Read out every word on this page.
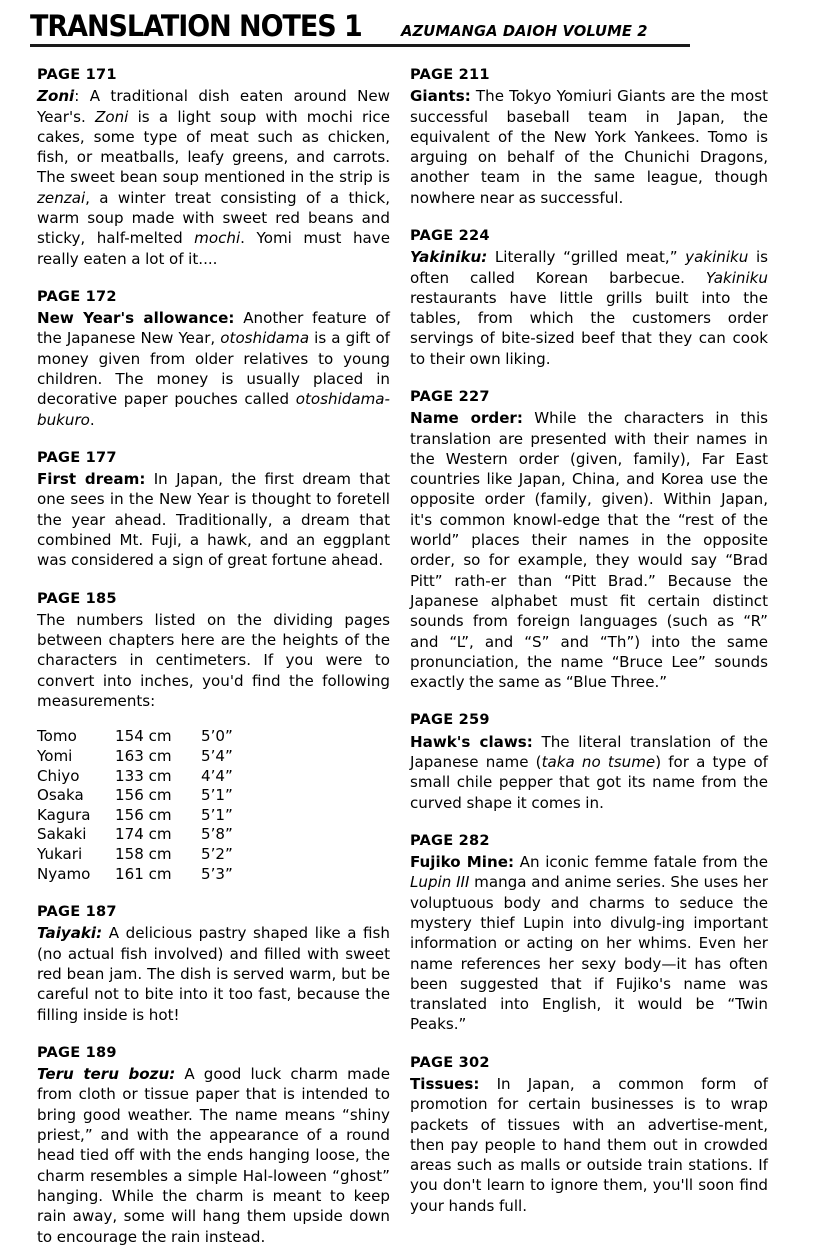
TRANSLATION NOTES 1	AZUMANGA DAIOH VOLUME 2
PAGE 171

Zoni: A traditional dish eaten around New Year's. Zoni is a light soup with mochi rice cakes, some type of meat such as chicken, fish, or meatballs, leafy greens, and carrots. The sweet bean soup mentioned in the strip is zenzai, a winter treat consisting of a thick, warm soup made with sweet red beans and sticky, half-melted mochi. Yomi must have really eaten a lot of it....

PAGE 172

New Year's allowance: Another feature of the Japanese New Year, otoshidama is a gift of money given from older relatives to young children. The money is usually placed in decorative paper pouches called otoshidama-bukuro.

PAGE 177

First dream: In Japan, the first dream that one sees in the New Year is thought to foretell the year ahead. Traditionally, a dream that combined Mt. Fuji, a hawk, and an eggplant was considered a sign of great fortune ahead.

PAGE 185

The numbers listed on the dividing pages between chapters here are the heights of the characters in centimeters. If you were to convert into inches, you'd find the following measurements:

Tomo	154 cm	5’0”
Yomi	163 cm	5’4”
Chiyo	133 cm	4’4”
Osaka	156 cm	5’1”
Kagura	156 cm	5’1”
Sakaki	174 cm	5’8”
Yukari	158 cm	5’2”
Nyamo	161 cm	5’3”
PAGE 187

Taiyaki: A delicious pastry shaped like a fish (no actual fish involved) and filled with sweet red bean jam. The dish is served warm, but be careful not to bite into it too fast, because the filling inside is hot!

PAGE 189

Teru teru bozu: A good luck charm made from cloth or tissue paper that is intended to bring good weather. The name means “shiny priest,” and with the appearance of a round head tied off with the ends hanging loose, the charm resembles a simple Hal-loween “ghost” hanging. While the charm is meant to keep rain away, some will hang them upside down to encourage the rain instead.

PAGE 211

Giants: The Tokyo Yomiuri Giants are the most successful baseball team in Japan, the equivalent of the New York Yankees. Tomo is arguing on behalf of the Chunichi Dragons, another team in the same league, though nowhere near as successful.

PAGE 224

Yakiniku: Literally “grilled meat,” yakiniku is often called Korean barbecue. Yakiniku restaurants have little grills built into the tables, from which the customers order servings of bite-sized beef that they can cook to their own liking.

PAGE 227

Name order: While the characters in this translation are presented with their names in the Western order (given, family), Far East countries like Japan, China, and Korea use the opposite order (family, given). Within Japan, it's common knowl-edge that the “rest of the world” places their names in the opposite order, so for example, they would say “Brad Pitt” rath-er than “Pitt Brad.” Because the Japanese alphabet must fit certain distinct sounds from foreign languages (such as “R” and “L”, and “S” and “Th”) into the same pronunciation, the name “Bruce Lee” sounds exactly the same as “Blue Three.”

PAGE 259

Hawk's claws: The literal translation of the Japanese name (taka no tsume) for a type of small chile pepper that got its name from the curved shape it comes in.

PAGE 282

Fujiko Mine: An iconic femme fatale from the Lupin III manga and anime series. She uses her voluptuous body and charms to seduce the mystery thief Lupin into divulg-ing important information or acting on her whims. Even her name references her sexy body—it has often been suggested that if Fujiko's name was translated into English, it would be “Twin Peaks.”

PAGE 302

Tissues: In Japan, a common form of promotion for certain businesses is to wrap packets of tissues with an advertise-ment, then pay people to hand them out in crowded areas such as malls or outside train stations. If you don't learn to ignore them, you'll soon find your hands full.
